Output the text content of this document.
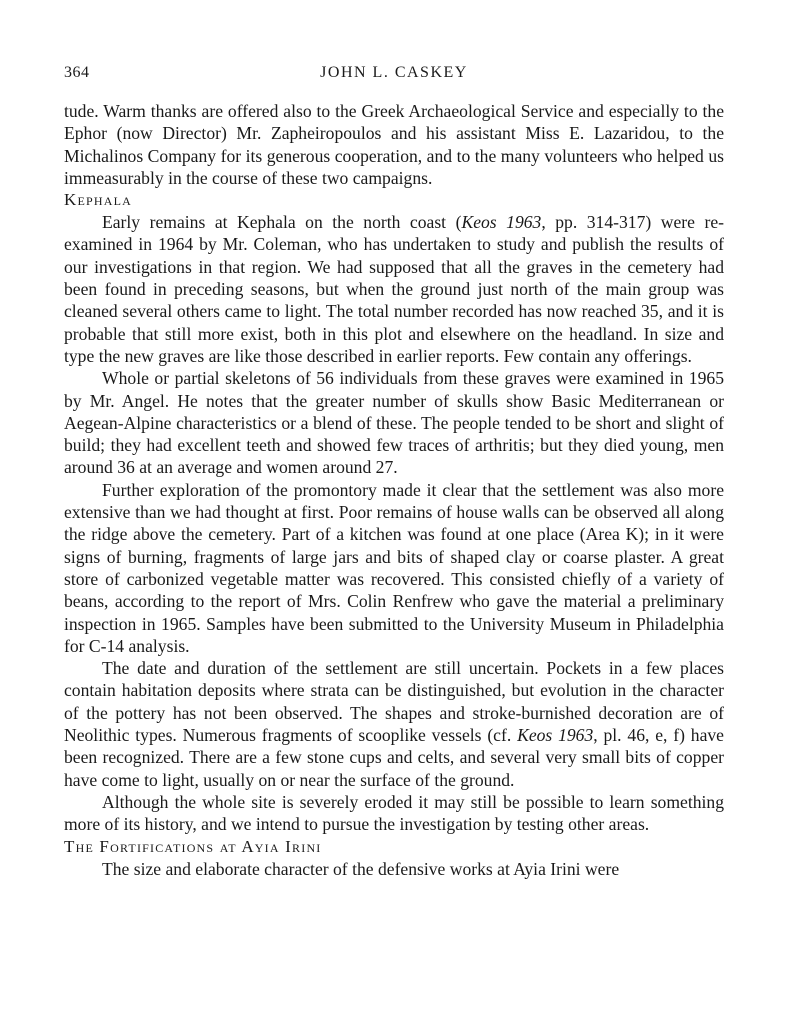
364	JOHN L. CASKEY

tude. Warm thanks are offered also to the Greek Archaeological Service and especially to the Ephor (now Director) Mr. Zapheiropoulos and his assistant Miss E. Lazaridou, to the Michalinos Company for its generous cooperation, and to the many volunteers who helped us immeasurably in the course of these two campaigns.

Kephala

Early remains at Kephala on the north coast (Keos 1963, pp. 314-317) were re-examined in 1964 by Mr. Coleman, who has undertaken to study and publish the results of our investigations in that region. We had supposed that all the graves in the cemetery had been found in preceding seasons, but when the ground just north of the main group was cleaned several others came to light. The total number recorded has now reached 35, and it is probable that still more exist, both in this plot and elsewhere on the headland. In size and type the new graves are like those described in earlier reports. Few contain any offerings.

Whole or partial skeletons of 56 individuals from these graves were examined in 1965 by Mr. Angel. He notes that the greater number of skulls show Basic Mediterranean or Aegean-Alpine characteristics or a blend of these. The people tended to be short and slight of build; they had excellent teeth and showed few traces of arthritis; but they died young, men around 36 at an average and women around 27.

Further exploration of the promontory made it clear that the settlement was also more extensive than we had thought at first. Poor remains of house walls can be observed all along the ridge above the cemetery. Part of a kitchen was found at one place (Area K); in it were signs of burning, fragments of large jars and bits of shaped clay or coarse plaster. A great store of carbonized vegetable matter was recovered. This consisted chiefly of a variety of beans, according to the report of Mrs. Colin Renfrew who gave the material a preliminary inspection in 1965. Samples have been submitted to the University Museum in Philadelphia for C-14 analysis.

The date and duration of the settlement are still uncertain. Pockets in a few places contain habitation deposits where strata can be distinguished, but evolution in the character of the pottery has not been observed. The shapes and stroke-burnished decoration are of Neolithic types. Numerous fragments of scooplike vessels (cf. Keos 1963, pl. 46, e, f) have been recognized. There are a few stone cups and celts, and several very small bits of copper have come to light, usually on or near the surface of the ground.

Although the whole site is severely eroded it may still be possible to learn something more of its history, and we intend to pursue the investigation by testing other areas.

The Fortifications at Ayia Irini

The size and elaborate character of the defensive works at Ayia Irini were
